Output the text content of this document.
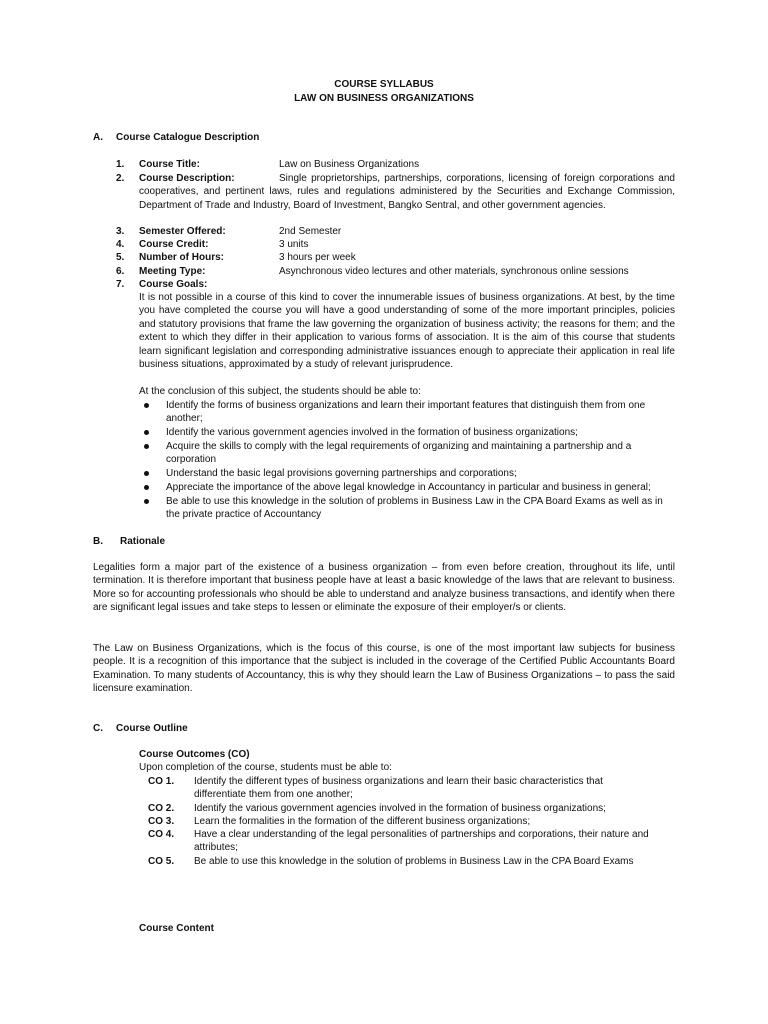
COURSE SYLLABUS
LAW ON BUSINESS ORGANIZATIONS
A. Course Catalogue Description
1. Course Title:	Law on Business Organizations
2. Course Description:	Single proprietorships, partnerships, corporations, licensing of foreign corporations and cooperatives, and pertinent laws, rules and regulations administered by the Securities and Exchange Commission, Department of Trade and Industry, Board of Investment, Bangko Sentral, and other government agencies.
3. Semester Offered:	2nd Semester
4. Course Credit:	3 units
5. Number of Hours:	3 hours per week
6. Meeting Type:	Asynchronous video lectures and other materials, synchronous online sessions
7. Course Goals:
It is not possible in a course of this kind to cover the innumerable issues of business organizations. At best, by the time you have completed the course you will have a good understanding of some of the more important principles, policies and statutory provisions that frame the law governing the organization of business activity; the reasons for them; and the extent to which they differ in their application to various forms of association. It is the aim of this course that students learn significant legislation and corresponding administrative issuances enough to appreciate their application in real life business situations, approximated by a study of relevant jurisprudence.
At the conclusion of this subject, the students should be able to:
Identify the forms of business organizations and learn their important features that distinguish them from one another;
Identify the various government agencies involved in the formation of business organizations;
Acquire the skills to comply with the legal requirements of organizing and maintaining a partnership and a corporation
Understand the basic legal provisions governing partnerships and corporations;
Appreciate the importance of the above legal knowledge in Accountancy in particular and business in general;
Be able to use this knowledge in the solution of problems in Business Law in the CPA Board Exams as well as in the private practice of Accountancy
B. Rationale
Legalities form a major part of the existence of a business organization – from even before creation, throughout its life, until termination. It is therefore important that business people have at least a basic knowledge of the laws that are relevant to business. More so for accounting professionals who should be able to understand and analyze business transactions, and identify when there are significant legal issues and take steps to lessen or eliminate the exposure of their employer/s or clients.
The Law on Business Organizations, which is the focus of this course, is one of the most important law subjects for business people. It is a recognition of this importance that the subject is included in the coverage of the Certified Public Accountants Board Examination. To many students of Accountancy, this is why they should learn the Law of Business Organizations – to pass the said licensure examination.
C. Course Outline
Course Outcomes (CO)
Upon completion of the course, students must be able to:
CO 1. Identify the different types of business organizations and learn their basic characteristics that differentiate them from one another;
CO 2. Identify the various government agencies involved in the formation of business organizations;
CO 3. Learn the formalities in the formation of the different business organizations;
CO 4. Have a clear understanding of the legal personalities of partnerships and corporations, their nature and attributes;
CO 5. Be able to use this knowledge in the solution of problems in Business Law in the CPA Board Exams
Course Content
